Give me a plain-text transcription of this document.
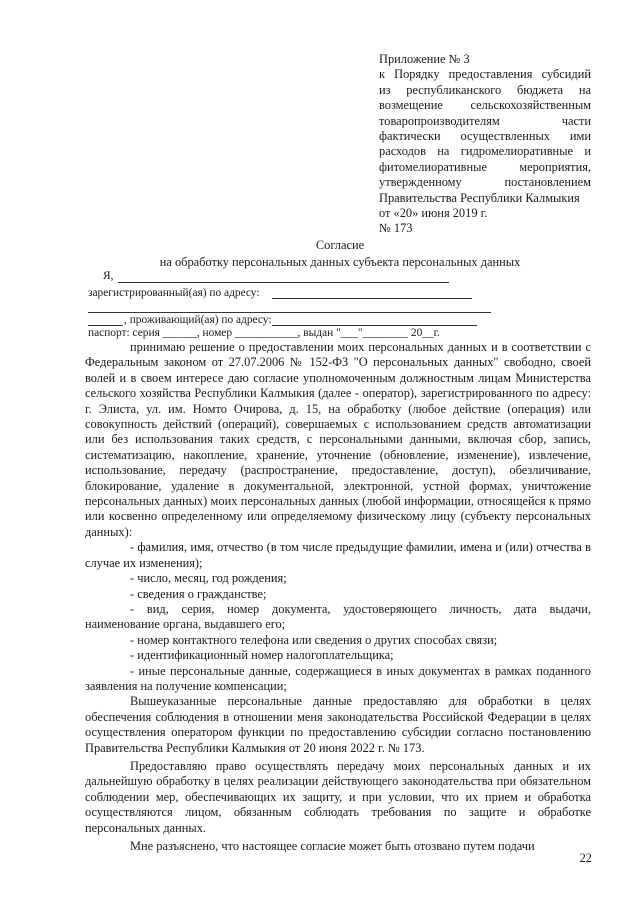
Приложение № 3
к Порядку предоставления субсидий
из республиканского бюджета на
возмещение сельскохозяйственным
товаропроизводителям части
фактически осуществленных ими
расходов на гидромелиоративные и
фитомелиоративные мероприятия,
утвержденному постановлением
Правительства Республики Калмыкия
от «20» июня 2019 г.
№ 173
Согласие
на обработку персональных данных субъекта персональных данных
Я,
зарегистрированный(ая) по адресу:
, проживающий(ая) по адресу:
паспорт: серия ______, номер ___________, выдан "___"________ 20__г.

принимаю решение о предоставлении моих персональных данных и в соответствии с Федеральным законом от 27.07.2006 № 152-ФЗ "О персональных данных" свободно, своей волей и в своем интересе даю согласие уполномоченным должностным лицам Министерства сельского хозяйства Республики Калмыкия (далее - оператор), зарегистрированного по адресу: г. Элиста, ул. им. Номто Очирова, д. 15, на обработку (любое действие (операция) или совокупность действий (операций), совершаемых с использованием средств автоматизации или без использования таких средств, с персональными данными, включая сбор, запись, систематизацию, накопление, хранение, уточнение (обновление, изменение), извлечение, использование, передачу (распространение, предоставление, доступ), обезличивание, блокирование, удаление в документальной, электронной, устной формах, уничтожение персональных данных) моих персональных данных (любой информации, относящейся к прямо или косвенно определенному или определяемому физическому лицу (субъекту персональных данных):

- фамилия, имя, отчество (в том числе предыдущие фамилии, имена и (или) отчества в случае их изменения);

- число, месяц, год рождения;

- сведения о гражданстве;

- вид, серия, номер документа, удостоверяющего личность, дата выдачи, наименование органа, выдавшего его;

- номер контактного телефона или сведения о других способах связи;

- идентификационный номер налогоплательщика;

- иные персональные данные, содержащиеся в иных документах в рамках поданного заявления на получение компенсации;

Вышеуказанные персональные данные предоставляю для обработки в целях обеспечения соблюдения в отношении меня законодательства Российской Федерации в целях осуществления оператором функции по предоставлению субсидии согласно постановлению Правительства Республики Калмыкия от 20 июня 2022 г. № 173.

Предоставляю право осуществлять передачу моих персональных данных и их дальнейшую обработку в целях реализации действующего законодательства при обязательном соблюдении мер, обеспечивающих их защиту, и при условии, что их прием и обработка осуществляются лицом, обязанным соблюдать требования по защите и обработке персональных данных.

Мне разъяснено, что настоящее согласие может быть отозвано путем подачи

22
